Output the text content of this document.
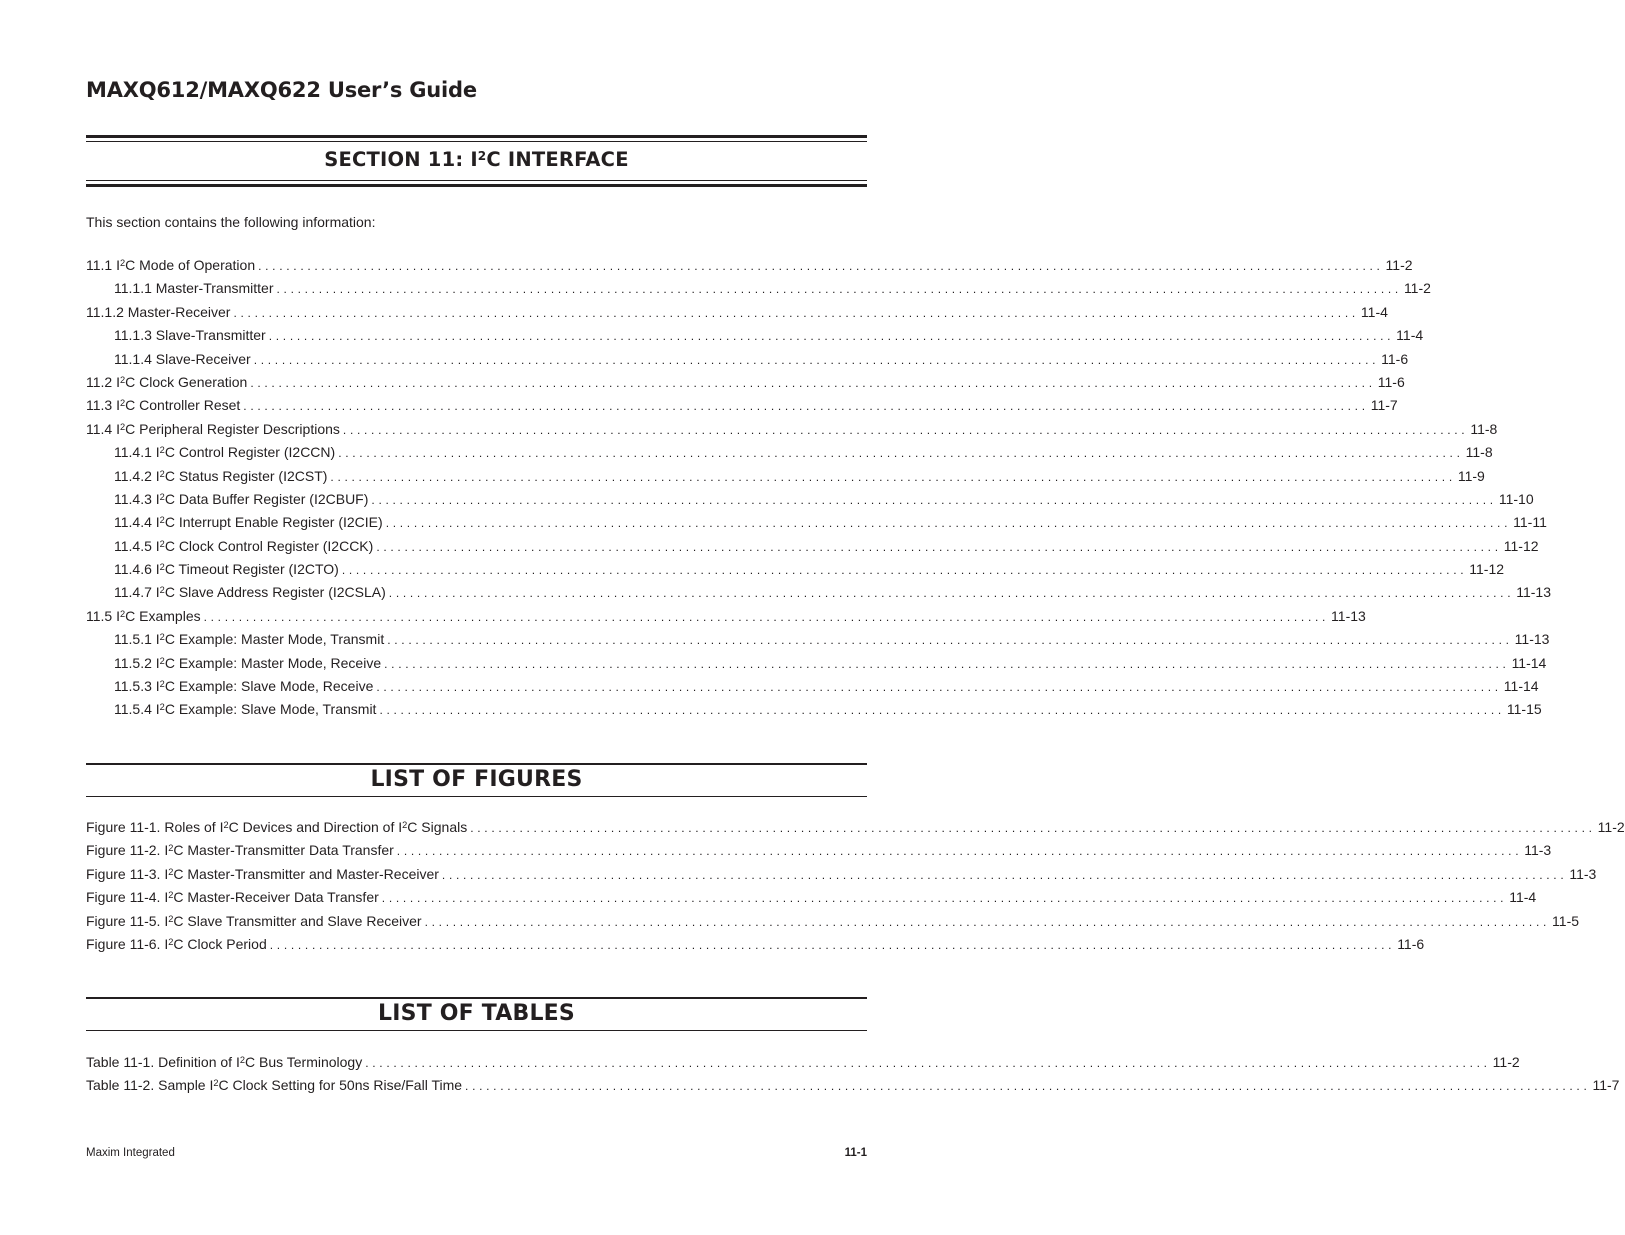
MAXQ612/MAXQ622 User’s Guide
SECTION 11: $I^2C$ INTERFACE

This section contains the following information:

11.1 $I^2C$ Mode of Operation ................................................................................................................................................................ 11-2
11.1.1 Master-Transmitter ................................................................................................................................................................ 11-2
11.1.2 Master-Receiver ................................................................................................................................................................ 11-4
11.1.3 Slave-Transmitter ................................................................................................................................................................ 11-4
11.1.4 Slave-Receiver ................................................................................................................................................................ 11-6
11.2 $I^2C$ Clock Generation ................................................................................................................................................................ 11-6
11.3 $I^2C$ Controller Reset ................................................................................................................................................................ 11-7
11.4 $I^2C$ Peripheral Register Descriptions ................................................................................................................................................................ 11-8
11.4.1 $I^2C$ Control Register (I2CCN) ................................................................................................................................................................ 11-8
11.4.2 $I^2C$ Status Register (I2CST) ................................................................................................................................................................ 11-9
11.4.3 $I^2C$ Data Buffer Register (I2CBUF) ................................................................................................................................................................ 11-10
11.4.4 $I^2C$ Interrupt Enable Register (I2CIE) ................................................................................................................................................................ 11-11
11.4.5 $I^2C$ Clock Control Register (I2CCK) ................................................................................................................................................................ 11-12
11.4.6 $I^2C$ Timeout Register (I2CTO) ................................................................................................................................................................ 11-12
11.4.7 $I^2C$ Slave Address Register (I2CSLA) ................................................................................................................................................................ 11-13
11.5 $I^2C$ Examples ................................................................................................................................................................ 11-13
11.5.1 $I^2C$ Example: Master Mode, Transmit ................................................................................................................................................................ 11-13
11.5.2 $I^2C$ Example: Master Mode, Receive ................................................................................................................................................................ 11-14
11.5.3 $I^2C$ Example: Slave Mode, Receive ................................................................................................................................................................ 11-14
11.5.4 $I^2C$ Example: Slave Mode, Transmit ................................................................................................................................................................ 11-15
LIST OF FIGURES
Figure 11-1. Roles of $I^2C$ Devices and Direction of $I^2C$ Signals ................................................................................................................................................................ 11-2
Figure 11-2. $I^2C$ Master-Transmitter Data Transfer ................................................................................................................................................................ 11-3
Figure 11-3. $I^2C$ Master-Transmitter and Master-Receiver ................................................................................................................................................................ 11-3
Figure 11-4. $I^2C$ Master-Receiver Data Transfer ................................................................................................................................................................ 11-4
Figure 11-5. $I^2C$ Slave Transmitter and Slave Receiver ................................................................................................................................................................ 11-5
Figure 11-6. $I^2C$ Clock Period ................................................................................................................................................................ 11-6
LIST OF TABLES
Table 11-1. Definition of $I^2C$ Bus Terminology ................................................................................................................................................................ 11-2
Table 11-2. Sample $I^2C$ Clock Setting for 50ns Rise/Fall Time ................................................................................................................................................................ 11-7

Maxim Integrated	11-1
